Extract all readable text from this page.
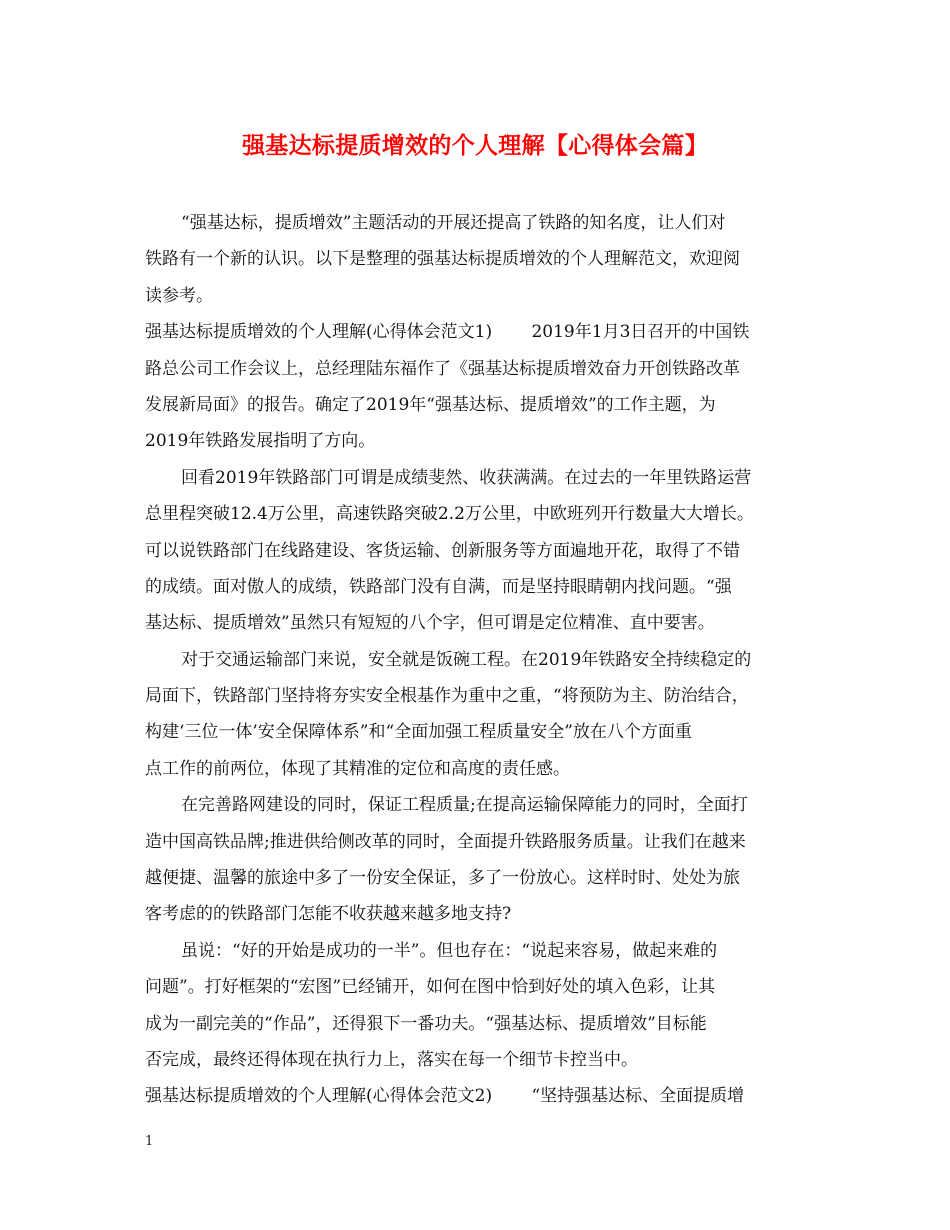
强基达标提质增效的个人理解【心得体会篇】
“强基达标，提质增效”主题活动的开展还提高了铁路的知名度，让人们对
铁路有一个新的认识。以下是整理的强基达标提质增效的个人理解范文，欢迎阅
读参考。
强基达标提质增效的个人理解(心得体会范文1)　　 2019年1月3日召开的中国铁
路总公司工作会议上，总经理陆东福作了《强基达标提质增效奋力开创铁路改革
发展新局面》的报告。确定了2019年“强基达标、提质增效”的工作主题，为
2019年铁路发展指明了方向。
回看2019年铁路部门可谓是成绩斐然、收获满满。在过去的一年里铁路运营
总里程突破12.4万公里，高速铁路突破2.2万公里，中欧班列开行数量大大增长。
可以说铁路部门在线路建设、客货运输、创新服务等方面遍地开花，取得了不错
的成绩。面对傲人的成绩，铁路部门没有自满，而是坚持眼睛朝内找问题。“强
基达标、提质增效”虽然只有短短的八个字，但可谓是定位精准、直中要害。
对于交通运输部门来说，安全就是饭碗工程。在2019年铁路安全持续稳定的
局面下，铁路部门坚持将夯实安全根基作为重中之重，“将预防为主、防治结合，
构建‘三位一体’安全保障体系”和“全面加强工程质量安全”放在八个方面重
点工作的前两位，体现了其精准的定位和高度的责任感。
在完善路网建设的同时，保证工程质量;在提高运输保障能力的同时，全面打
造中国高铁品牌;推进供给侧改革的同时，全面提升铁路服务质量。让我们在越来
越便捷、温馨的旅途中多了一份安全保证，多了一份放心。这样时时、处处为旅
客考虑的的铁路部门怎能不收获越来越多地支持?
虽说：“好的开始是成功的一半”。但也存在：“说起来容易，做起来难的
问题”。打好框架的“宏图”已经铺开，如何在图中恰到好处的填入色彩，让其
成为一副完美的“作品”，还得狠下一番功夫。“强基达标、提质增效”目标能
否完成，最终还得体现在执行力上，落实在每一个细节卡控当中。
强基达标提质增效的个人理解(心得体会范文2)　　 “坚持强基达标、全面提质增
1
